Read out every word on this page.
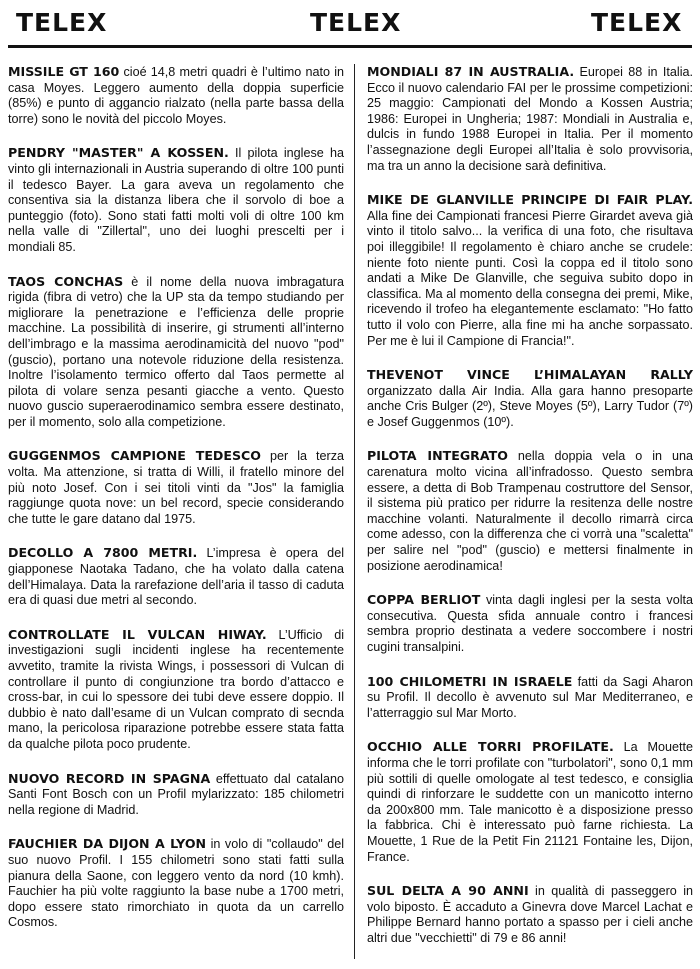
TELEX	TELEX	TELEX

MISSILE GT 160 cioé 14,8 metri quadri è l’ultimo nato in casa Moyes. Leggero aumento della doppia superficie (85%) e punto di aggancio rialzato (nella parte bassa della torre) sono le novità del piccolo Moyes.

PENDRY "MASTER" A KOSSEN. Il pilota inglese ha vinto gli internazionali in Austria superando di oltre 100 punti il tedesco Bayer. La gara aveva un regolamento che consentiva sia la distanza libera che il sorvolo di boe a punteggio (foto). Sono stati fatti molti voli di oltre 100 km nella valle di "Zillertal", uno dei luoghi prescelti per i mondiali 85.

TAOS CONCHAS è il nome della nuova imbragatura rigida (fibra di vetro) che la UP sta da tempo studiando per migliorare la penetrazione e l’efficienza delle proprie macchine. La possibilità di inserire, gi strumenti all’interno dell’imbrago e la massima aerodinamicità del nuovo "pod" (guscio), portano una notevole riduzione della resistenza. Inoltre l’isolamento termico offerto dal Taos permette al pilota di volare senza pesanti giacche a vento. Questo nuovo guscio superaerodinamico sembra essere destinato, per il momento, solo alla competizione.

GUGGENMOS CAMPIONE TEDESCO per la terza volta. Ma attenzione, si tratta di Willi, il fratello minore del più noto Josef. Con i sei titoli vinti da "Jos" la famiglia raggiunge quota nove: un bel record, specie considerando che tutte le gare datano dal 1975.

DECOLLO A 7800 METRI. L’impresa è opera del giapponese Naotaka Tadano, che ha volato dalla catena dell’Himalaya. Data la rarefazione dell’aria il tasso di caduta era di quasi due metri al secondo.

CONTROLLATE IL VULCAN HIWAY. L’Ufficio di investigazioni sugli incidenti inglese ha recentemente avvetito, tramite la rivista Wings, i possessori di Vulcan di controllare il punto di congiunzione tra bordo d’attacco e cross-bar, in cui lo spessore dei tubi deve essere doppio. Il dubbio è nato dall’esame di un Vulcan comprato di secnda mano, la pericolosa riparazione potrebbe essere stata fatta da qualche pilota poco prudente.

NUOVO RECORD IN SPAGNA effettuato dal catalano Santi Font Bosch con un Profil mylarizzato: 185 chilometri nella regione di Madrid.

FAUCHIER DA DIJON A LYON in volo di "collaudo" del suo nuovo Profil. I 155 chilometri sono stati fatti sulla pianura della Saone, con leggero vento da nord (10 kmh). Fauchier ha più volte raggiunto la base nube a 1700 metri, dopo essere stato rimorchiato in quota da un carrello Cosmos.

MONDIALI 87 IN AUSTRALIA. Europei 88 in Italia. Ecco il nuovo calendario FAI per le prossime competizioni: 25 maggio: Campionati del Mondo a Kossen Austria; 1986: Europei in Ungheria; 1987: Mondiali in Australia e, dulcis in fundo 1988 Europei in Italia. Per il momento l’assegnazione degli Europei all’Italia è solo provvisoria, ma tra un anno la decisione sarà definitiva.

MIKE DE GLANVILLE PRINCIPE DI FAIR PLAY. Alla fine dei Campionati francesi Pierre Girardet aveva già vinto il titolo salvo... la verifica di una foto, che risultava poi illeggibile! Il regolamento è chiaro anche se crudele: niente foto niente punti. Così la coppa ed il titolo sono andati a Mike De Glanville, che seguiva subito dopo in classifica. Ma al momento della consegna dei premi, Mike, ricevendo il trofeo ha elegantemente esclamato: "Ho fatto tutto il volo con Pierre, alla fine mi ha anche sorpassato. Per me è lui il Campione di Francia!".

THEVENOT VINCE L’HIMALAYAN RALLY organizzato dalla Air India. Alla gara hanno presoparte anche Cris Bulger (2º), Steve Moyes (5º), Larry Tudor (7º) e Josef Guggenmos (10º).

PILOTA INTEGRATO nella doppia vela o in una carenatura molto vicina all’infradosso. Questo sembra essere, a detta di Bob Trampenau costruttore del Sensor, il sistema più pratico per ridurre la resitenza delle nostre macchine volanti. Naturalmente il decollo rimarrà circa come adesso, con la differenza che ci vorrà una "scaletta" per salire nel "pod" (guscio) e mettersi finalmente in posizione aerodinamica!

COPPA BERLIOT vinta dagli inglesi per la sesta volta consecutiva. Questa sfida annuale contro i francesi sembra proprio destinata a vedere soccombere i nostri cugini transalpini.

100 CHILOMETRI IN ISRAELE fatti da Sagi Aharon su Profil. Il decollo è avvenuto sul Mar Mediterraneo, e l’atterraggio sul Mar Morto.

OCCHIO ALLE TORRI PROFILATE. La Mouette informa che le torri profilate con "turbolatori", sono 0,1 mm più sottili di quelle omologate al test tedesco, e consiglia quindi di rinforzare le suddette con un manicotto interno da 200x800 mm. Tale manicotto è a disposizione presso la fabbrica. Chi è interessato può farne richiesta. La Mouette, 1 Rue de la Petit Fin 21121 Fontaine les, Dijon, France.

SUL DELTA A 90 ANNI in qualità di passeggero in volo biposto. È accaduto a Ginevra dove Marcel Lachat e Philippe Bernard hanno portato a spasso per i cieli anche altri due "vecchietti" di 79 e 86 anni!
